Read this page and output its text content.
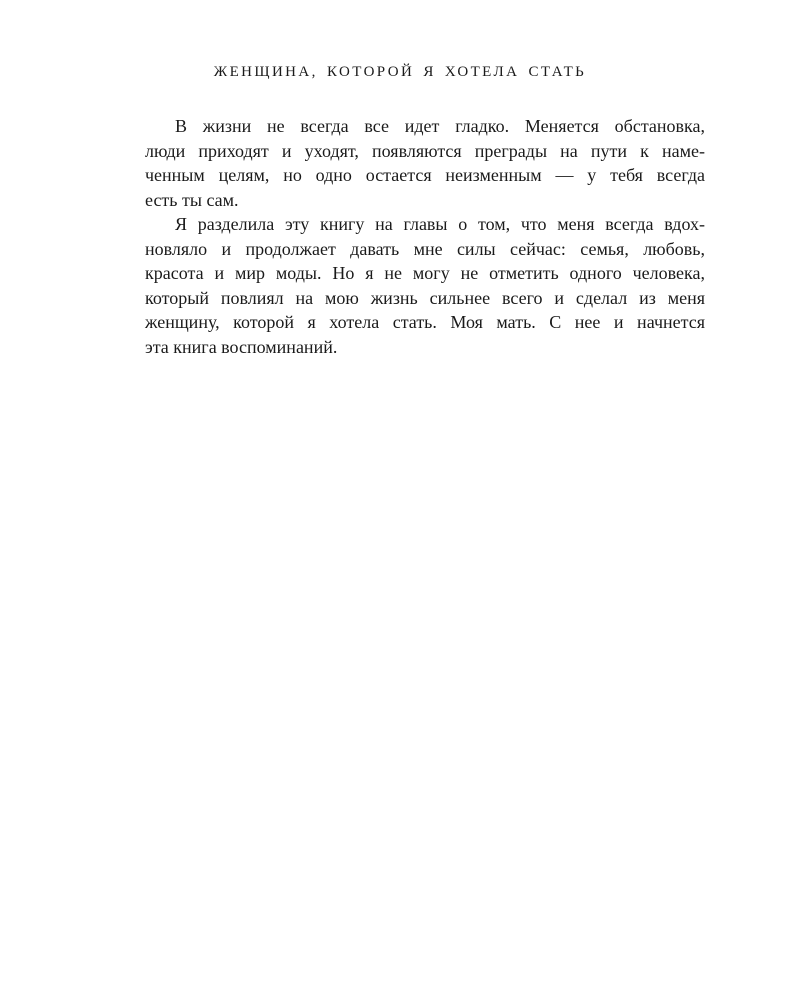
ЖЕНЩИНА, КОТОРОЙ Я ХОТЕЛА СТАТЬ
В жизни не всегда все идет гладко. Меняется обстановка,
люди приходят и уходят, появляются преграды на пути к наме-
ченным целям, но одно остается неизменным — у тебя всегда
есть ты сам.
Я разделила эту книгу на главы о том, что меня всегда вдох-
новляло и продолжает давать мне силы сейчас: семья, любовь,
красота и мир моды. Но я не могу не отметить одного человека,
который повлиял на мою жизнь сильнее всего и сделал из меня
женщину, которой я хотела стать. Моя мать. С нее и начнется
эта книга воспоминаний.
